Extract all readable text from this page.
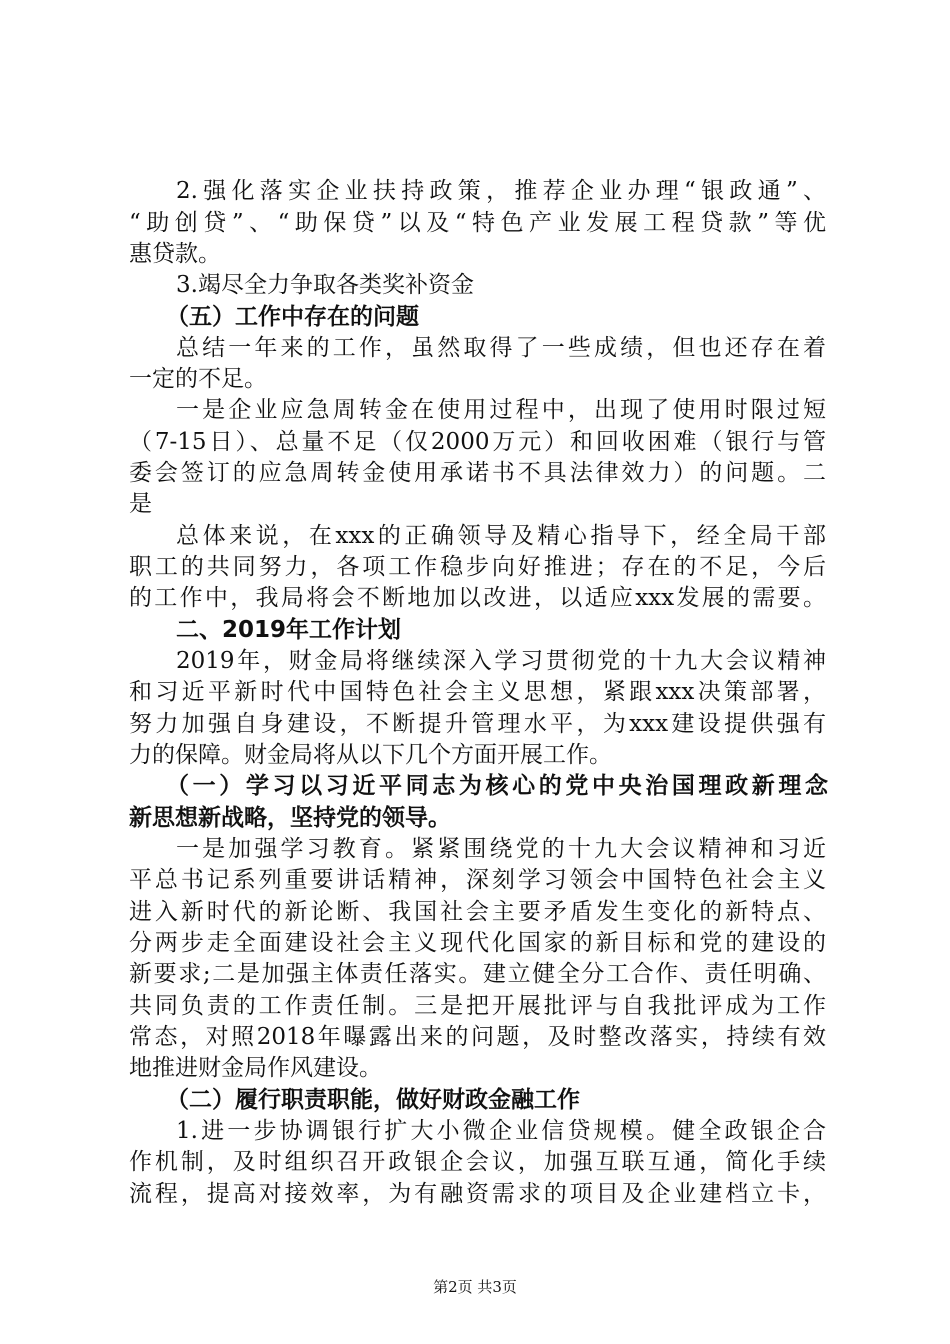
2.强化落实企业扶持政策，推荐企业办理“银政通”、
“助创贷”、“助保贷”以及“特色产业发展工程贷款”等优
惠贷款。
3.竭尽全力争取各类奖补资金
（五）工作中存在的问题
总结一年来的工作，虽然取得了一些成绩，但也还存在着
一定的不足。
一是企业应急周转金在使用过程中，出现了使用时限过短
（7-15日）、总量不足（仅2000万元）和回收困难（银行与管
委会签订的应急周转金使用承诺书不具法律效力）的问题。二
是
总体来说，在xxx的正确领导及精心指导下，经全局干部
职工的共同努力，各项工作稳步向好推进；存在的不足，今后
的工作中，我局将会不断地加以改进，以适应xxx发展的需要。
二、2019年工作计划
2019年，财金局将继续深入学习贯彻党的十九大会议精神
和习近平新时代中国特色社会主义思想，紧跟xxx决策部署，
努力加强自身建设，不断提升管理水平，为xxx建设提供强有
力的保障。财金局将从以下几个方面开展工作。
（一）学习以习近平同志为核心的党中央治国理政新理念
新思想新战略，坚持党的领导。
一是加强学习教育。紧紧围绕党的十九大会议精神和习近
平总书记系列重要讲话精神，深刻学习领会中国特色社会主义
进入新时代的新论断、我国社会主要矛盾发生变化的新特点、
分两步走全面建设社会主义现代化国家的新目标和党的建设的
新要求;二是加强主体责任落实。建立健全分工合作、责任明确、
共同负责的工作责任制。三是把开展批评与自我批评成为工作
常态，对照2018年曝露出来的问题，及时整改落实，持续有效
地推进财金局作风建设。
（二）履行职责职能，做好财政金融工作
1.进一步协调银行扩大小微企业信贷规模。健全政银企合
作机制，及时组织召开政银企会议，加强互联互通，简化手续
流程，提高对接效率，为有融资需求的项目及企业建档立卡，
第2页 共3页
